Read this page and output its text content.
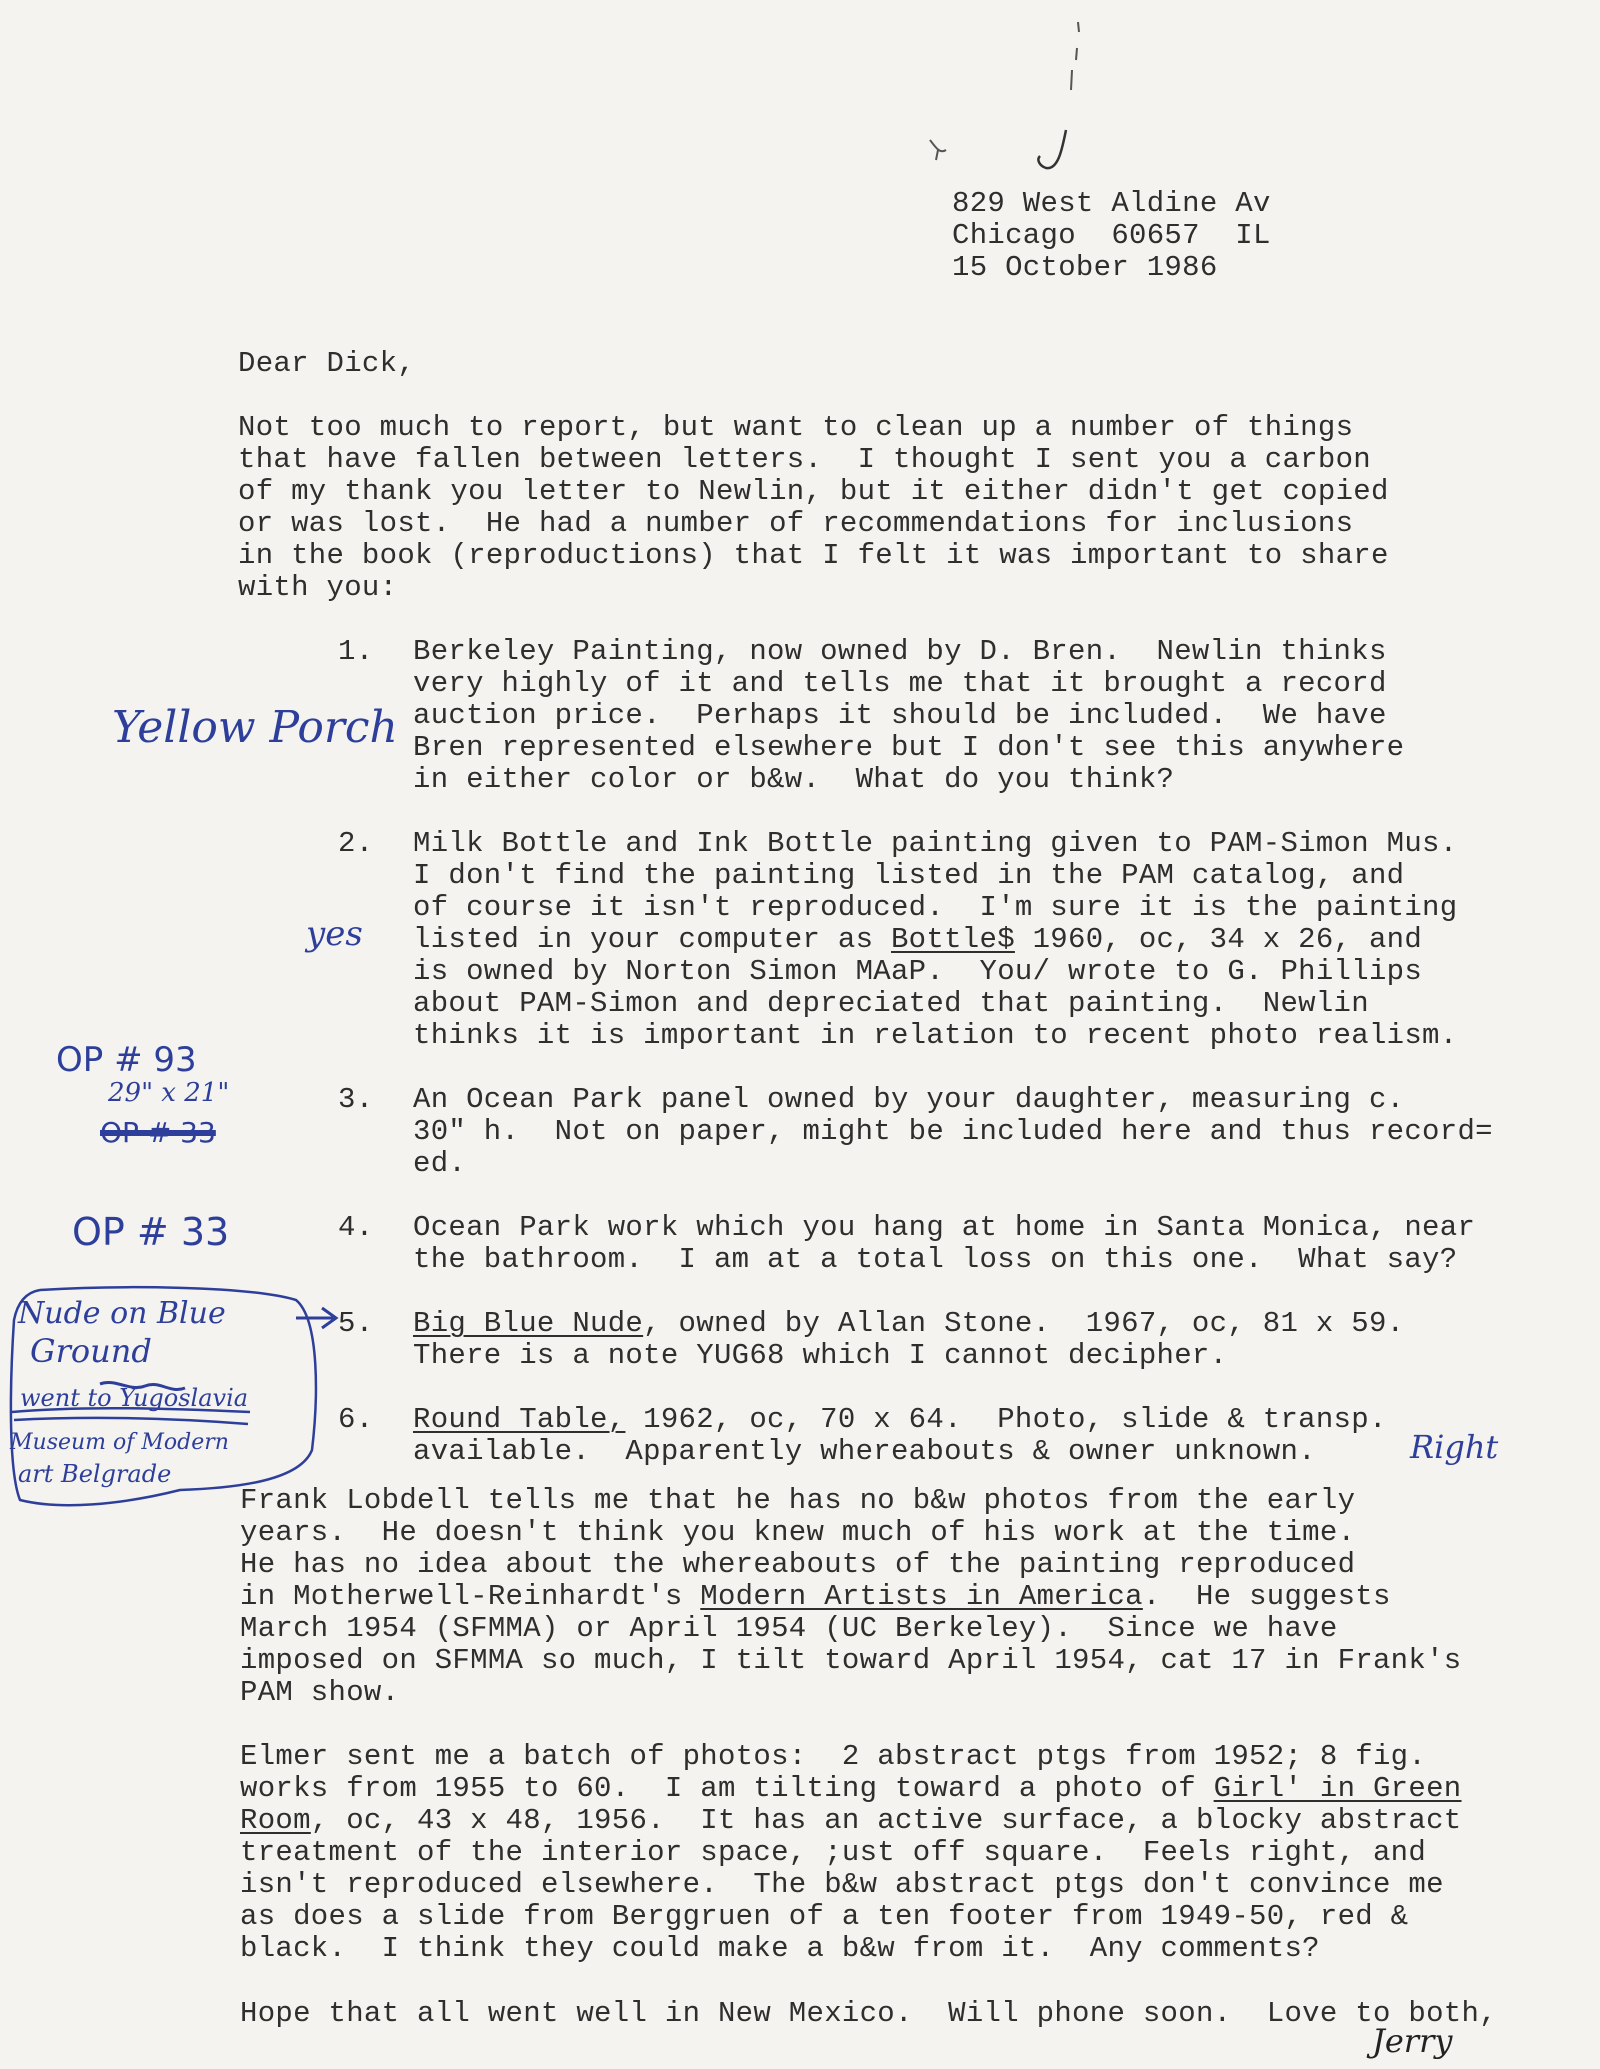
829 West Aldine Av
Chicago  60657  IL
15 October 1986
Dear Dick,
Not too much to report, but want to clean up a number of things
that have fallen between letters.  I thought I sent you a carbon
of my thank you letter to Newlin, but it either didn't get copied
or was lost.  He had a number of recommendations for inclusions
in the book (reproductions) that I felt it was important to share
with you:
1. Berkeley Painting, now owned by D. Bren.  Newlin thinks
very highly of it and tells me that it brought a record
auction price.  Perhaps it should be included.  We have
Bren represented elsewhere but I don't see this anywhere
in either color or b&w.  What do you think?
2. Milk Bottle and Ink Bottle painting given to PAM-Simon Mus.
I don't find the painting listed in the PAM catalog, and
of course it isn't reproduced.  I'm sure it is the painting
listed in your computer as Bottle$ 1960, oc, 34 x 26, and
is owned by Norton Simon MAaP.  You/ wrote to G. Phillips
about PAM-Simon and depreciated that painting.  Newlin
thinks it is important in relation to recent photo realism.
3. An Ocean Park panel owned by your daughter, measuring c.
30" h.  Not on paper, might be included here and thus record=
ed.
4. Ocean Park work which you hang at home in Santa Monica, near
the bathroom.  I am at a total loss on this one.  What say?
5. Big Blue Nude, owned by Allan Stone.  1967, oc, 81 x 59.
There is a note YUG68 which I cannot decipher.
6. Round Table, 1962, oc, 70 x 64.  Photo, slide & transp.
available.  Apparently whereabouts & owner unknown.
Frank Lobdell tells me that he has no b&w photos from the early
years.  He doesn't think you knew much of his work at the time.
He has no idea about the whereabouts of the painting reproduced
in Motherwell-Reinhardt's Modern Artists in America.  He suggests
March 1954 (SFMMA) or April 1954 (UC Berkeley).  Since we have
imposed on SFMMA so much, I tilt toward April 1954, cat 17 in Frank's
PAM show.
Elmer sent me a batch of photos:  2 abstract ptgs from 1952; 8 fig.
works from 1955 to 60.  I am tilting toward a photo of Girl' in Green
Room, oc, 43 x 48, 1956.  It has an active surface, a blocky abstract
treatment of the interior space, ;ust off square.  Feels right, and
isn't reproduced elsewhere.  The b&w abstract ptgs don't convince me
as does a slide from Berggruen of a ten footer from 1949-50, red &
black.  I think they could make a b&w from it.  Any comments?
Hope that all went well in New Mexico.  Will phone soon.  Love to both,
Jerry
Yellow Porch
yes
OP # 93
29" x 21"
OP # 33
OP # 33
Nude on Blue
Ground
went to Yugoslavia
Museum of Modern
art Belgrade
Right
